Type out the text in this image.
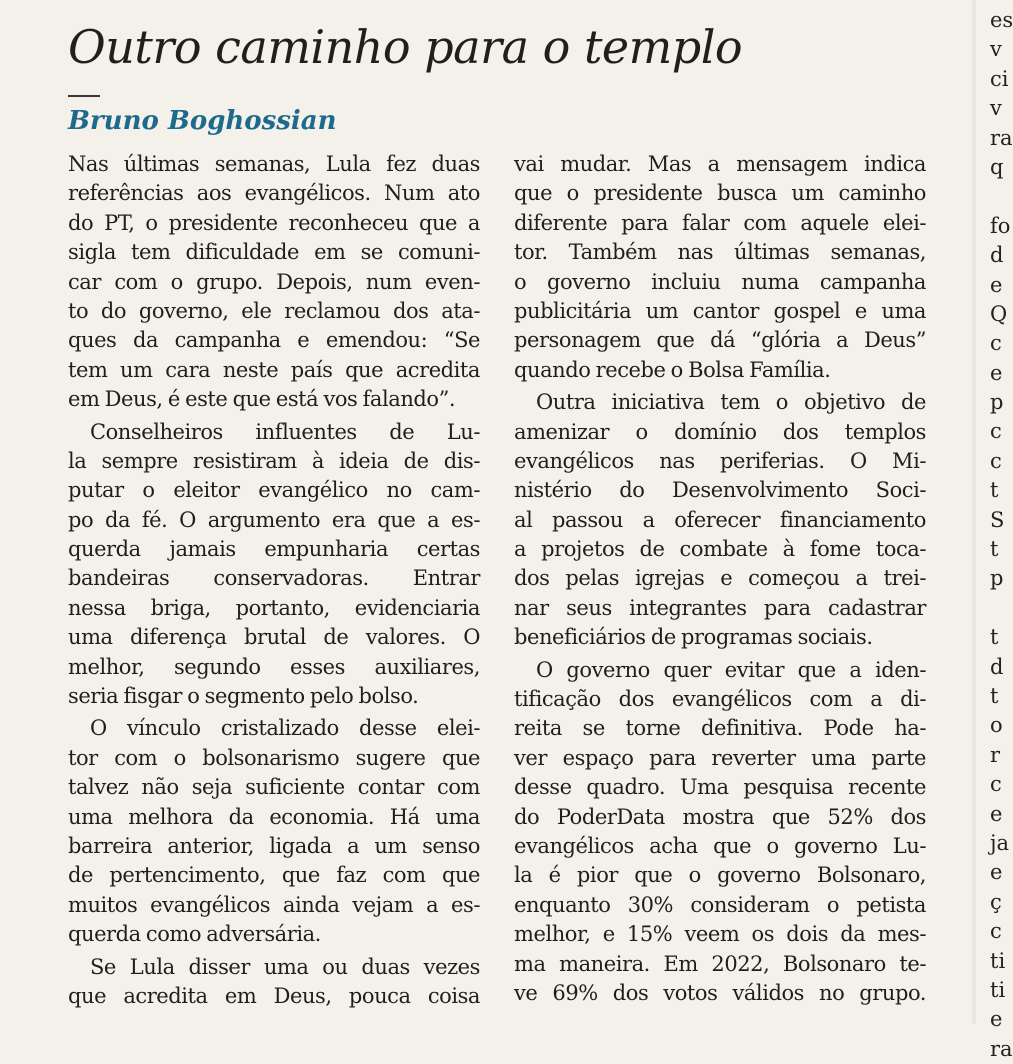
Outro caminho para o templo
Bruno Boghossian
Nas últimas semanas, Lula fez duas
referências aos evangélicos. Num ato
do PT, o presidente reconheceu que a
sigla tem dificuldade em se comuni-
car com o grupo. Depois, num even-
to do governo, ele reclamou dos ata-
ques da campanha e emendou: “Se
tem um cara neste país que acredita
em Deus, é este que está vos falando”.
Conselheiros influentes de Lu-
la sempre resistiram à ideia de dis-
putar o eleitor evangélico no cam-
po da fé. O argumento era que a es-
querda jamais empunharia certas
bandeiras conservadoras. Entrar
nessa briga, portanto, evidenciaria
uma diferença brutal de valores. O
melhor, segundo esses auxiliares,
seria fisgar o segmento pelo bolso.
O vínculo cristalizado desse elei-
tor com o bolsonarismo sugere que
talvez não seja suficiente contar com
uma melhora da economia. Há uma
barreira anterior, ligada a um senso
de pertencimento, que faz com que
muitos evangélicos ainda vejam a es-
querda como adversária.
Se Lula disser uma ou duas vezes
que acredita em Deus, pouca coisa
vai mudar. Mas a mensagem indica
que o presidente busca um caminho
diferente para falar com aquele elei-
tor. Também nas últimas semanas,
o governo incluiu numa campanha
publicitária um cantor gospel e uma
personagem que dá “glória a Deus”
quando recebe o Bolsa Família.
Outra iniciativa tem o objetivo de
amenizar o domínio dos templos
evangélicos nas periferias. O Mi-
nistério do Desenvolvimento Soci-
al passou a oferecer financiamento
a projetos de combate à fome toca-
dos pelas igrejas e começou a trei-
nar seus integrantes para cadastrar
beneficiários de programas sociais.
O governo quer evitar que a iden-
tificação dos evangélicos com a di-
reita se torne definitiva. Pode ha-
ver espaço para reverter uma parte
desse quadro. Uma pesquisa recente
do PoderData mostra que 52% dos
evangélicos acha que o governo Lu-
la é pior que o governo Bolsonaro,
enquanto 30% consideram o petista
melhor, e 15% veem os dois da mes-
ma maneira. Em 2022, Bolsonaro te-
ve 69% dos votos válidos no grupo.
es
v
ci
v
ra
q
fo
d
e
Q
c
e
p
c
c
t
S
t
p
t
d
t
o
r
c
e
ja
e
ç
c
ti
ti
e
ra
